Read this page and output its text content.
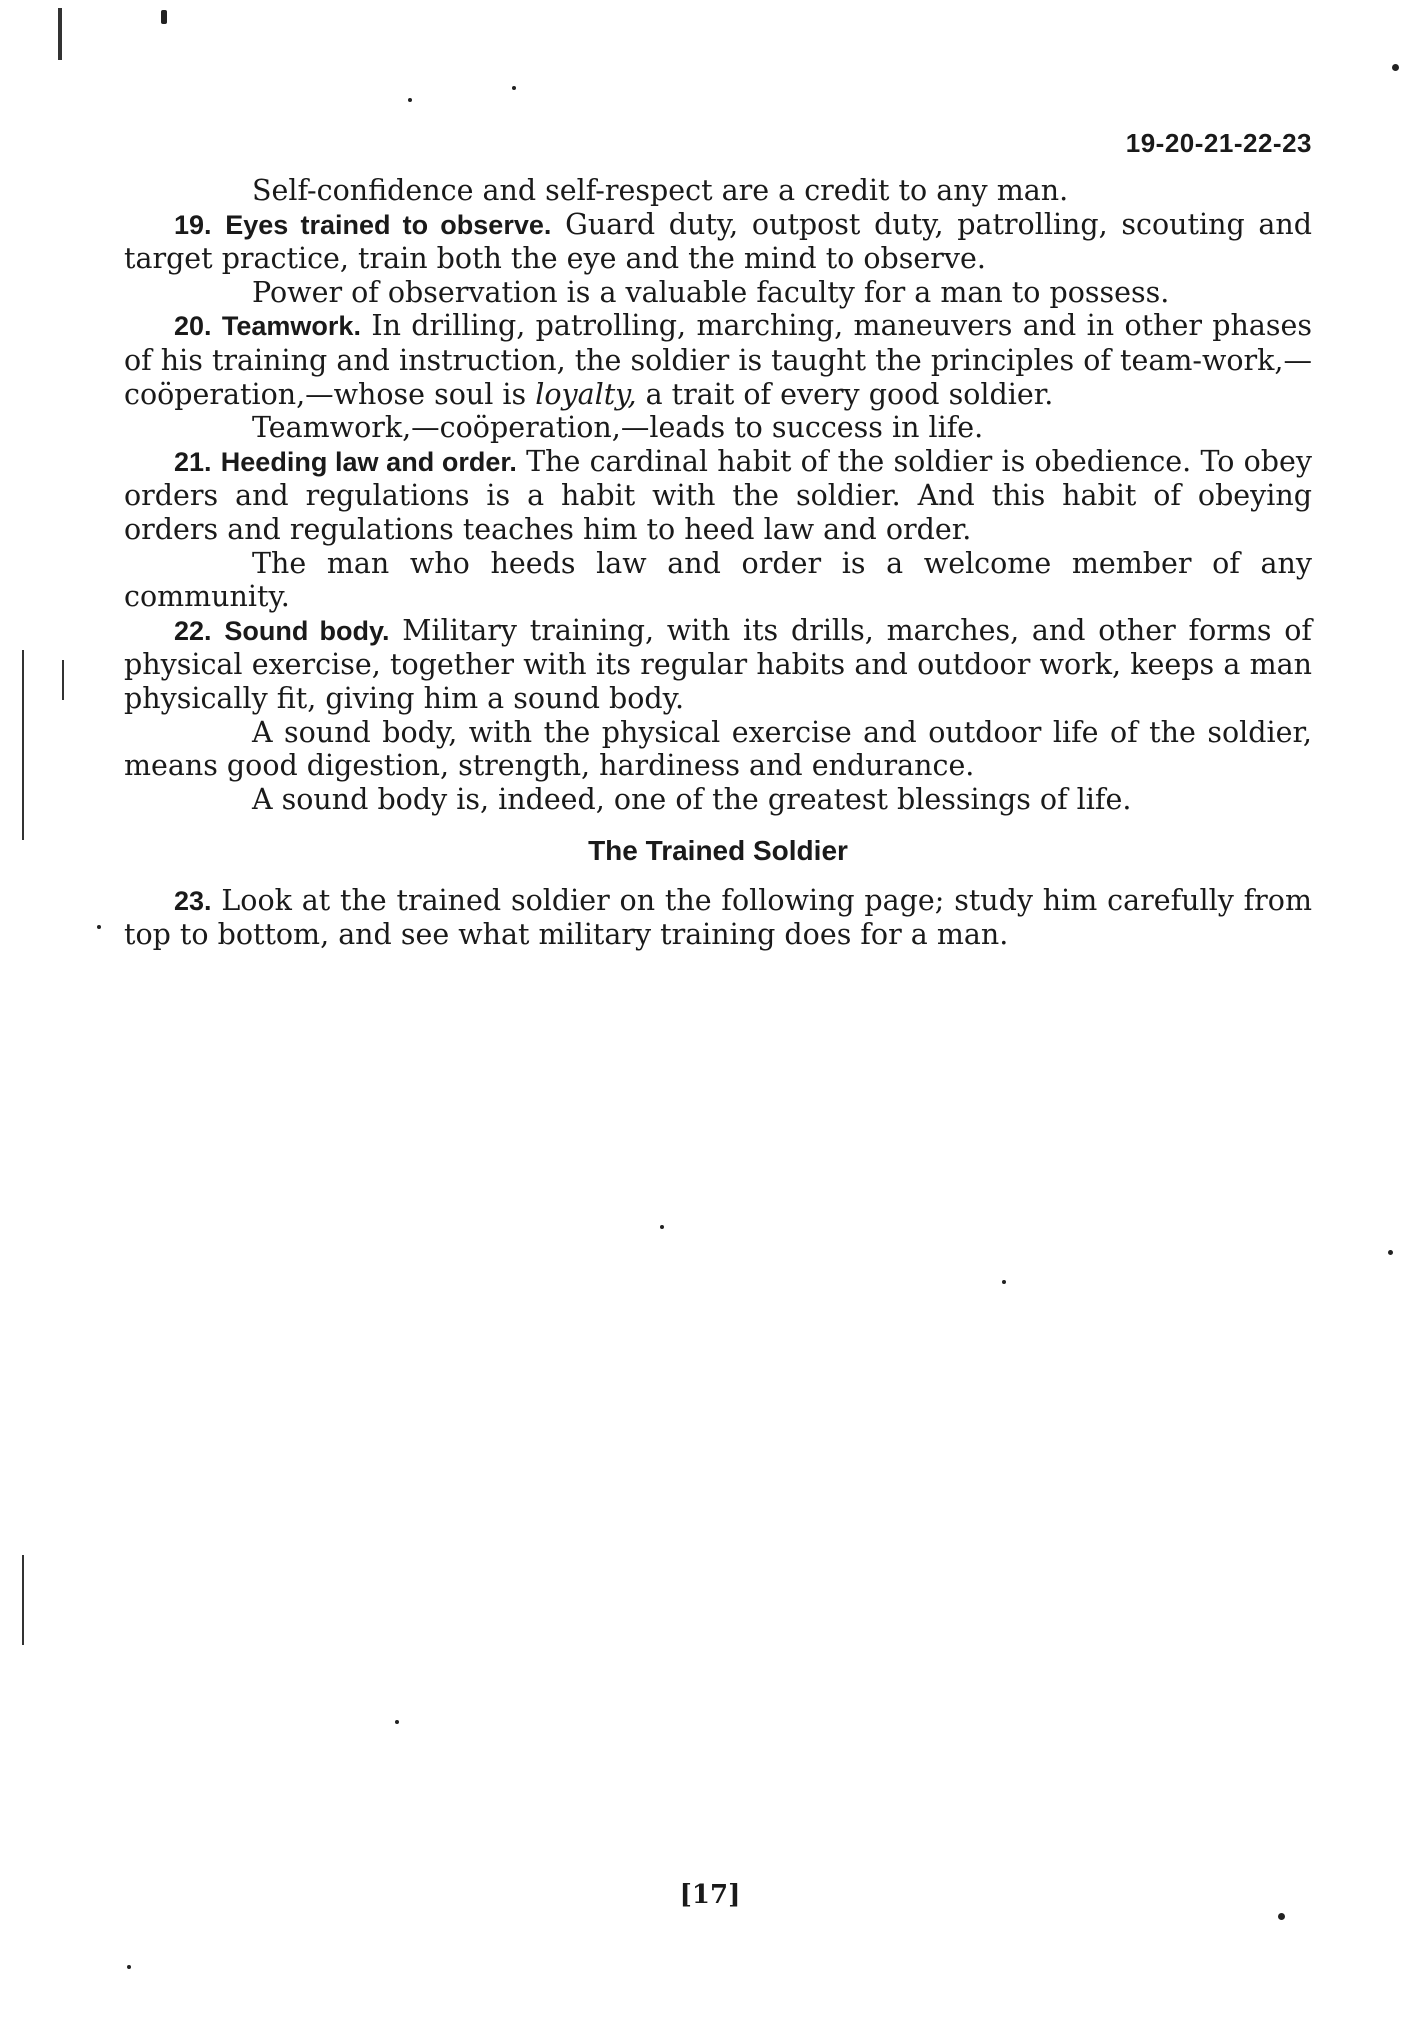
19-20-21-22-23

Self-confidence and self-respect are a credit to any man.

19. Eyes trained to observe. Guard duty, outpost duty, patrolling, scouting and target practice, train both the eye and the mind to observe.

Power of observation is a valuable faculty for a man to possess.

20. Teamwork. In drilling, patrolling, marching, maneuvers and in other phases of his training and instruction, the soldier is taught the principles of team-work,—coöperation,—whose soul is loyalty, a trait of every good soldier.

Teamwork,—coöperation,—leads to success in life.

21. Heeding law and order. The cardinal habit of the soldier is obedience. To obey orders and regulations is a habit with the soldier. And this habit of obeying orders and regulations teaches him to heed law and order.

The man who heeds law and order is a welcome member of any community.

22. Sound body. Military training, with its drills, marches, and other forms of physical exercise, together with its regular habits and outdoor work, keeps a man physically fit, giving him a sound body.

A sound body, with the physical exercise and outdoor life of the soldier, means good digestion, strength, hardiness and endurance.

A sound body is, indeed, one of the greatest blessings of life.

The Trained Soldier

23. Look at the trained soldier on the following page; study him carefully from top to bottom, and see what military training does for a man.

[17]
